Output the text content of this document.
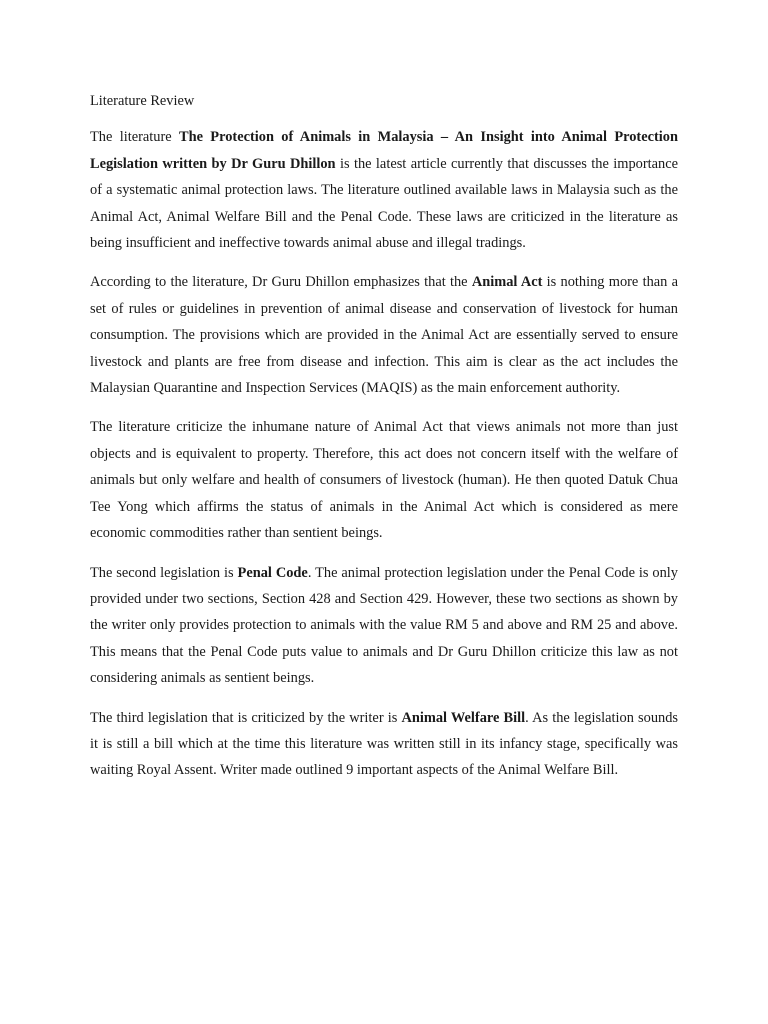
Literature Review

The literature The Protection of Animals in Malaysia – An Insight into Animal Protection Legislation written by Dr Guru Dhillon is the latest article currently that discusses the importance of a systematic animal protection laws. The literature outlined available laws in Malaysia such as the Animal Act, Animal Welfare Bill and the Penal Code. These laws are criticized in the literature as being insufficient and ineffective towards animal abuse and illegal tradings.

According to the literature, Dr Guru Dhillon emphasizes that the Animal Act is nothing more than a set of rules or guidelines in prevention of animal disease and conservation of livestock for human consumption. The provisions which are provided in the Animal Act are essentially served to ensure livestock and plants are free from disease and infection. This aim is clear as the act includes the Malaysian Quarantine and Inspection Services (MAQIS) as the main enforcement authority.

The literature criticize the inhumane nature of Animal Act that views animals not more than just objects and is equivalent to property. Therefore, this act does not concern itself with the welfare of animals but only welfare and health of consumers of livestock (human). He then quoted Datuk Chua Tee Yong which affirms the status of animals in the Animal Act which is considered as mere economic commodities rather than sentient beings.

The second legislation is Penal Code. The animal protection legislation under the Penal Code is only provided under two sections, Section 428 and Section 429. However, these two sections as shown by the writer only provides protection to animals with the value RM 5 and above and RM 25 and above. This means that the Penal Code puts value to animals and Dr Guru Dhillon criticize this law as not considering animals as sentient beings.

The third legislation that is criticized by the writer is Animal Welfare Bill. As the legislation sounds it is still a bill which at the time this literature was written still in its infancy stage, specifically was waiting Royal Assent. Writer made outlined 9 important aspects of the Animal Welfare Bill.
